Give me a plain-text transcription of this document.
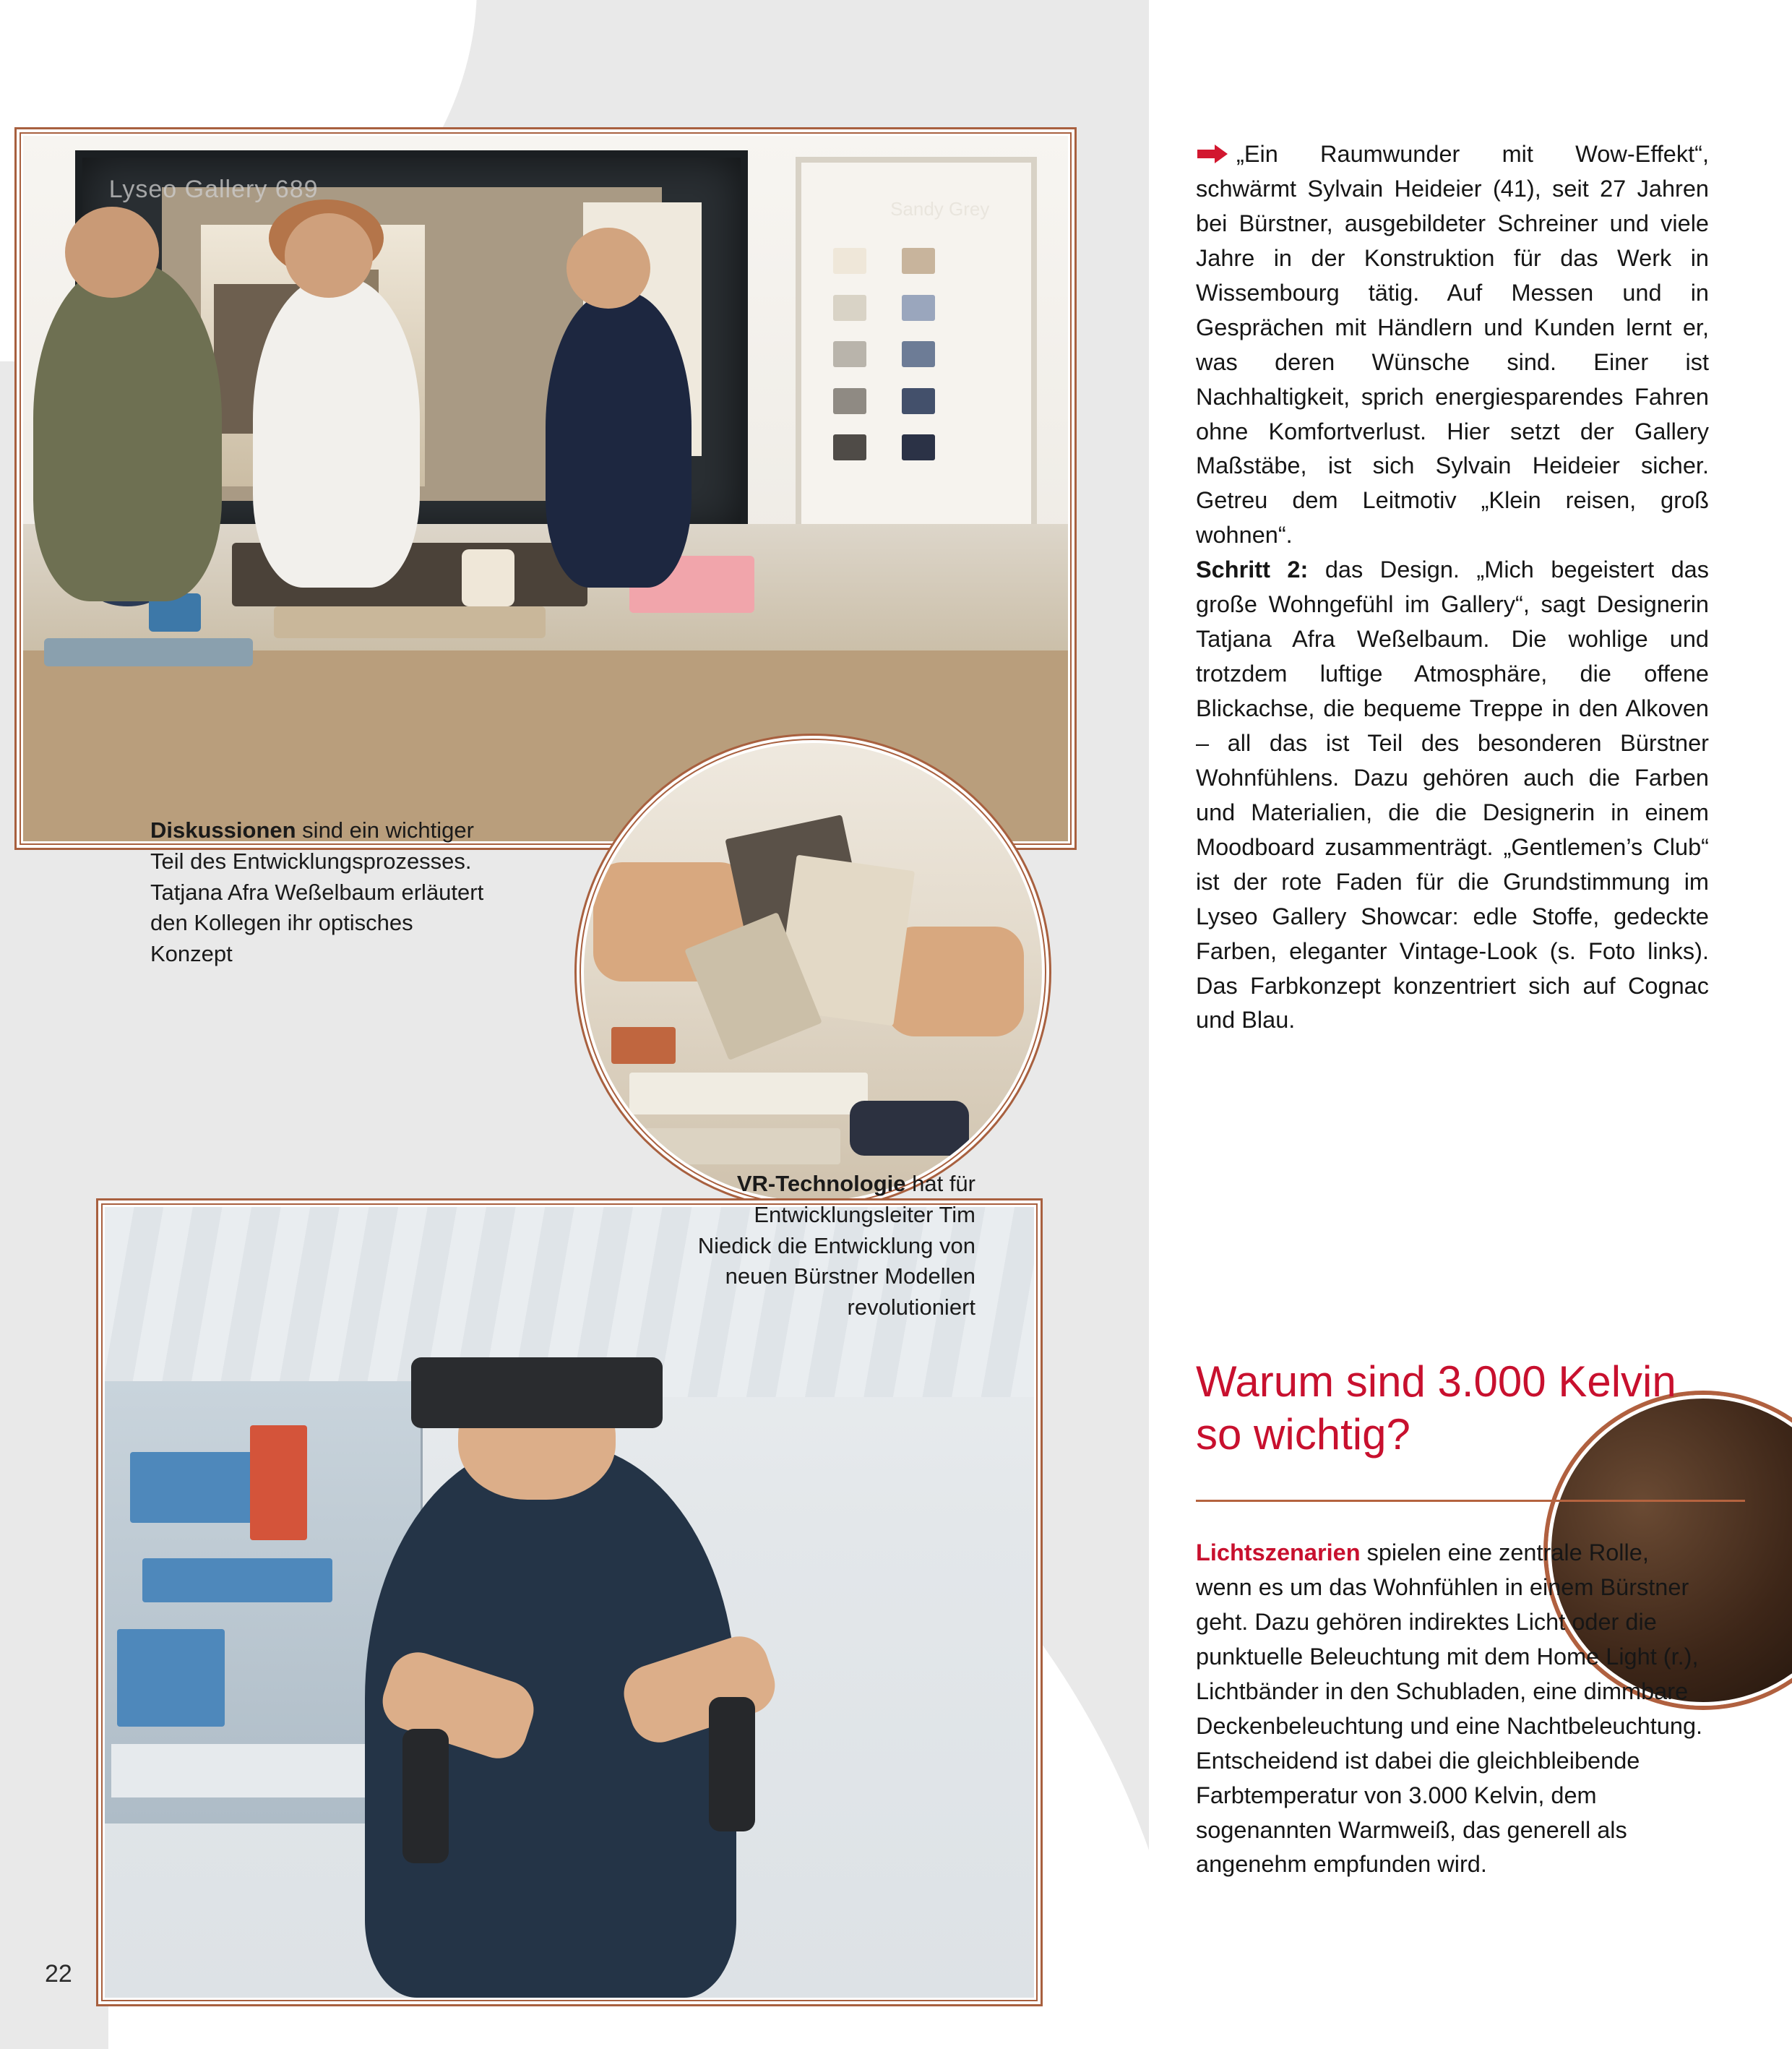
Lyseo Gallery 689
Sandy Grey
Diskussionen sind ein wichtiger Teil des Entwicklungsprozesses. Tatjana Afra Weßelbaum erläutert den Kollegen ihr optisches Konzept
VR-Technologie hat für Entwicklungsleiter Tim Niedick die Entwicklung von neuen Bürstner Modellen revolutioniert

„Ein Raumwunder mit Wow-Effekt“, schwärmt Sylvain Heideier (41), seit 27 Jahren bei Bürstner, ausgebildeter Schreiner und viele Jahre in der Konstruktion für das Werk in Wissembourg tätig. Auf Messen und in Gesprächen mit Händlern und Kunden lernt er, was deren Wünsche sind. Einer ist Nachhaltigkeit, sprich energiesparendes Fahren ohne Komfortverlust. Hier setzt der Gallery Maßstäbe, ist sich Sylvain Heideier sicher. Getreu dem Leitmotiv „Klein reisen, groß wohnen“.

Schritt 2: das Design. „Mich begeistert das große Wohngefühl im Gallery“, sagt Designerin Tatjana Afra Weßelbaum. Die wohlige und trotzdem luftige Atmosphäre, die offene Blickachse, die bequeme Treppe in den Alkoven – all das ist Teil des besonderen Bürstner Wohnfühlens. Dazu gehören auch die Farben und Materialien, die die Designerin in einem Moodboard zusammenträgt. „Gentlemen’s Club“ ist der rote Faden für die Grundstimmung im Lyseo Gallery Showcar: edle Stoffe, gedeckte Farben, eleganter Vintage-Look (s. Foto links). Das Farbkonzept konzentriert sich auf Cognac und Blau.

Warum sind 3.000 Kelvin so wichtig?

Lichtszenarien spielen eine zentrale Rolle, wenn es um das Wohnfühlen in einem Bürstner geht. Dazu gehören indirektes Licht oder die punktuelle Beleuchtung mit dem Home Light (r.), Lichtbänder in den Schubladen, eine dimmbare Deckenbeleuchtung und eine Nachtbeleuchtung. Entscheidend ist dabei die gleichbleibende Farbtemperatur von 3.000 Kelvin, dem sogenannten Warmweiß, das generell als angenehm empfunden wird.

22
